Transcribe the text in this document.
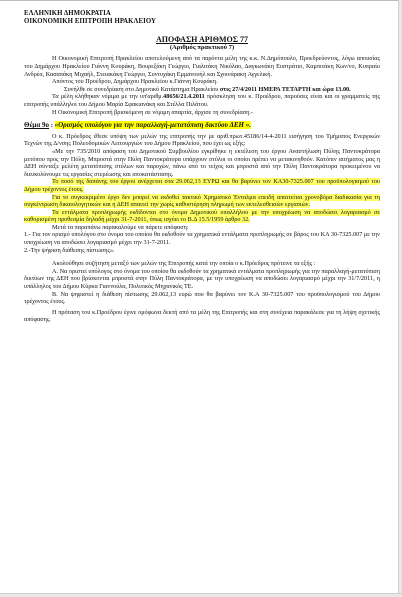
ΕΛΛΗΝΙΚΗ ΔΗΜΟΚΡΑΤΙΑ
ΟΙΚΟΝΟΜΙΚΗ ΕΠΙΤΡΟΠΗ ΗΡΑΚΛΕΙΟΥ
ΑΠΟΦΑΣΗ ΑΡΙΘΜΟΣ 77
(Αριθμός πρακτικού 7)

Η Οικονομική Επιτροπή Ηρακλείου αποτελούμενη από τα παρόντα μέλη της κ.κ. Ν.Δημόπουλο, Προεδρεύοντος, λόγω απουσίας του Δημάρχου Ηρακλείου Γιάννη Κουράκη, Βουρεξάκη Γεώργιο, Γιαλιτάκη Νικόλαο, Δαγκωνάκη Ευστράτιο, Καμπιτάκη Κων/νο, Κυπραίο Ανδρέα, Κασαπάκη Μιχαήλ, Στειακάκη Γεώργιο, Συντυχάκη Εμμανουήλ και Σχοινάρακη Αγγελική.

Απόντος του Προέδρου, Δημάρχου Ηρακλείου κ.Γιάννη Κουράκη.

Συνήλθε σε συνεδρίαση στο Δημοτικό Κατάστημα Ηρακλείου στις 27/4/2011 ΗΜΕΡΑ ΤΕΤΑΡΤΗ και ώρα 13.00.

Τα μέλη κλήθηκαν νόμιμα με την υπ'αριθμ.48656/21.4.2011 πρόσκληση του κ. Προέδρου, παρούσες είναι και οι γραμματείς της επιτροπής υπάλληλοι του Δήμου Μαρία Σφακιανάκη και Στέλλα Πιλάτου.

Η Οικονομική Επιτροπή βρισκόμενη σε νόμιμη απαρτία, άρχισε τη συνεδρίαση.-

Θέμα 9ο : «Ορισμός υπολόγου για την παραλλαγή-μετατόπιση δικτύου ΔΕΗ ».

Ο κ. Πρόεδρος έθεσε υπόψη των μελών της επιτροπής την με αριθ.πρωτ.45186/14-4-2011 εισήγηση του Τμήματος Ενεργικών Τεχνών της Δ/νσης Πολεοδομικών Λειτουργιών του Δήμου Ηρακλείου, που έχει ως εξής:

«Με την 735/2010 απόφαση του Δημοτικού Συμβουλίου εγκρίθηκε η εκτέλεση του έργου Αναστήλωση Πύλης Παντοκράτορα μετόπου προς την Πόλη. Μπροστά στην Πύλη Παντοκράτορα υπάρχουν στύλοι οι οποίοι πρέπει να μετακινηθούν. Κατόπιν αιτήματος μας η ΔΕΗ σύνταξε μελέτη μετατόπισης στύλων και παροχών, πάνω από το τείχος και μπροστά από την Πύλη Παντοκράτορα προκειμένου να διευκολύνουμε τις εργασίες στερέωσης και αποκατάστασης.

Το ποσό της δαπάνης του έργου ανέρχεται στα 29.062,13 ΕΥΡΩ και θα βαρύνει τον ΚΑ30-7325.007 του προϋπολογισμού του Δήμου τρέχοντος έτους.

Για το συγκεκριμένο έργο δεν μπορεί να εκδοθεί τακτικό Χρηματικό Ένταλμα επειδή απαιτείται χρονοβόρα διαδικασία για τη συγκέντρωση δικαιολογητικών και η ΔΕΗ απαιτεί την χωρίς καθυστέρηση πληρωμή των εκτελεσθεισών εργασιών.

Τα εντάλματα προπληρωμής εκδίδονται στο όνομα Δημοτικού υπαλλήλου με την υποχρέωση να αποδώσει λογαριασμό σε καθορισμένη προθεσμία δηλαδή μέχρι 31-7-2011, όπως ισχύει το Β.Δ 15.5/1959 άρθρο 32.

Μετά τα παραπάνω παρακαλούμε να πάρετε απόφαση:

1.- Για τον ορισμό υπολόγου στο όνομα του οποίου θα εκδοθούν τα χρηματικά εντάλματα προπληρωμής σε βάρος του ΚΑ 30-7325.007 με την υποχρέωση να αποδώσει λογαριασμό μέχρι την 31-7-2011.

2.-Την ψήφιση διάθεσης πίστωσης».

Ακολούθησε συζήτηση μεταξύ των μελών της Επιτροπής κατά την οποία ο κ.Πρόεδρος πρότεινε τα εξής :

Α. Να οριστεί υπόλογος στο όνομα του οποίου θα εκδοθούν τα χρηματικά εντάλματα προπληρωμής για την παραλλαγή-μετατόπιση δικτύων της ΔΕΗ που βρίσκονται μπροστά στην Πύλη Παντοκράτορα, με την υποχρέωση να αποδώσει λογαριασμό μέχρι την 31/7/2011, η υπάλληλος του Δήμου Κύρκα Γιαννούλα, Πολιτικός Μηχανικός ΤΕ.

Β. Να ψηφιστεί η διάθεση πίστωσης 29.062,13 ευρώ που θα βαρύνει τον Κ.Α 30-7325.007 του προϋπολογισμού του Δήμου τρέχοντος έτους.

Η πρόταση του κ.Προέδρου έγινε ομόφωνα δεκτή από τα μέλη της Επιτροπής και στη συνέχεια παρακάλεσε για τη λήψη σχετικής απόφασης.
